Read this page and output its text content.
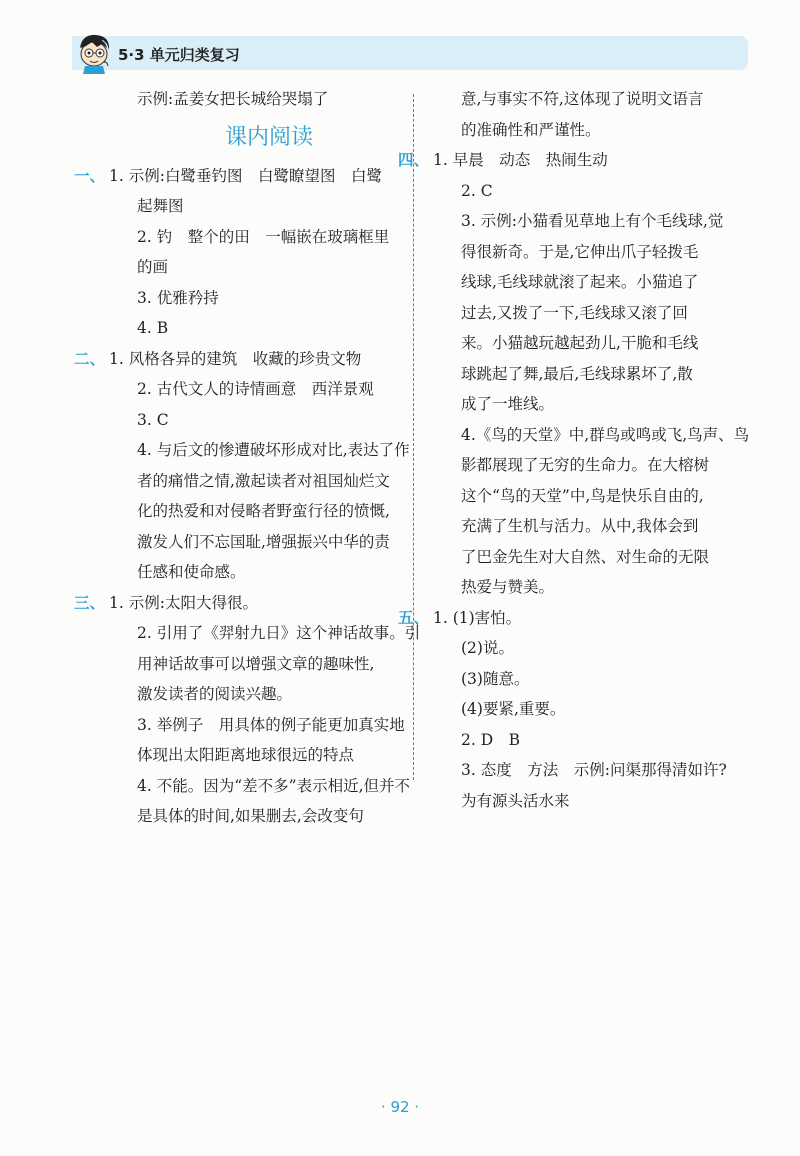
5·3 单元归类复习
示例:孟姜女把长城给哭塌了
课内阅读
一、 1. 示例:白鹭垂钓图　白鹭瞭望图　白鹭
起舞图
2. 钓　整个的田　一幅嵌在玻璃框里
的画
3. 优雅矜持
4. B
二、 1. 风格各异的建筑　收藏的珍贵文物
2. 古代文人的诗情画意　西洋景观
3. C
4. 与后文的惨遭破坏形成对比,表达了作
者的痛惜之情,激起读者对祖国灿烂文
化的热爱和对侵略者野蛮行径的愤慨,
激发人们不忘国耻,增强振兴中华的责
任感和使命感。
三、 1. 示例:太阳大得很。
2. 引用了《羿射九日》这个神话故事。引
用神话故事可以增强文章的趣味性,
激发读者的阅读兴趣。
3. 举例子　用具体的例子能更加真实地
体现出太阳距离地球很远的特点
4. 不能。因为“差不多”表示相近,但并不
是具体的时间,如果删去,会改变句
意,与事实不符,这体现了说明文语言
的准确性和严谨性。
四、 1. 早晨　动态　热闹生动
2. C
3. 示例:小猫看见草地上有个毛线球,觉
得很新奇。于是,它伸出爪子轻拨毛
线球,毛线球就滚了起来。小猫追了
过去,又拨了一下,毛线球又滚了回
来。小猫越玩越起劲儿,干脆和毛线
球跳起了舞,最后,毛线球累坏了,散
成了一堆线。
4.《鸟的天堂》中,群鸟或鸣或飞,鸟声、鸟
影都展现了无穷的生命力。在大榕树
这个“鸟的天堂”中,鸟是快乐自由的,
充满了生机与活力。从中,我体会到
了巴金先生对大自然、对生命的无限
热爱与赞美。
五、 1. (1)害怕。
(2)说。
(3)随意。
(4)要紧,重要。
2. D　B
3. 态度　方法　示例:问渠那得清如许?
为有源头活水来
· 92 ·
